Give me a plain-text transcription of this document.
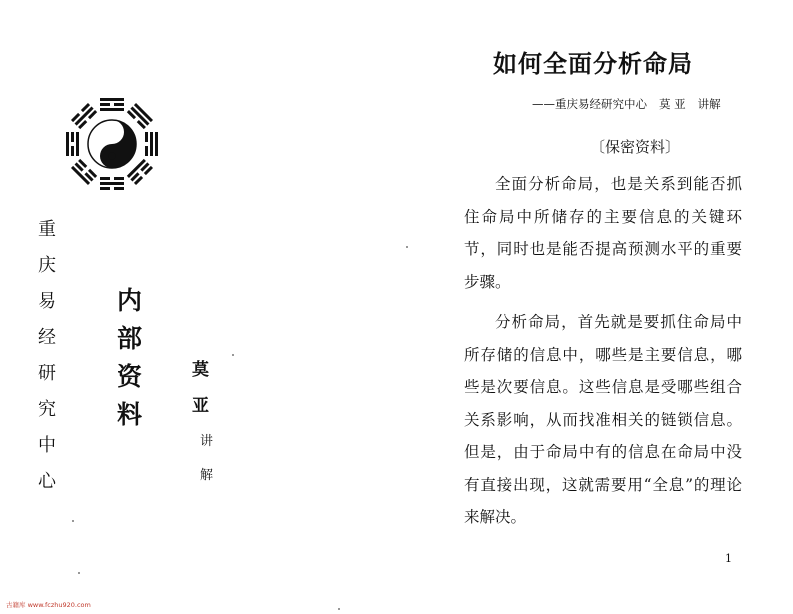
重
庆
易
经
研
究
中
心
内
部
资
料
莫
亚
讲
解
如何全面分析命局
——重庆易经研究中心 莫 亚 讲解
〔保密资料〕

全面分析命局，也是关系到能否抓住命局中所储存的主要信息的关键环节，同时也是能否提高预测水平的重要步骤。

分析命局，首先就是要抓住命局中所存储的信息中，哪些是主要信息，哪些是次要信息。这些信息是受哪些组合关系影响，从而找准相关的链锁信息。但是，由于命局中有的信息在命局中没有直接出现，这就需要用“全息”的理论来解决。

1
古籍库 www.fczhu920.com
